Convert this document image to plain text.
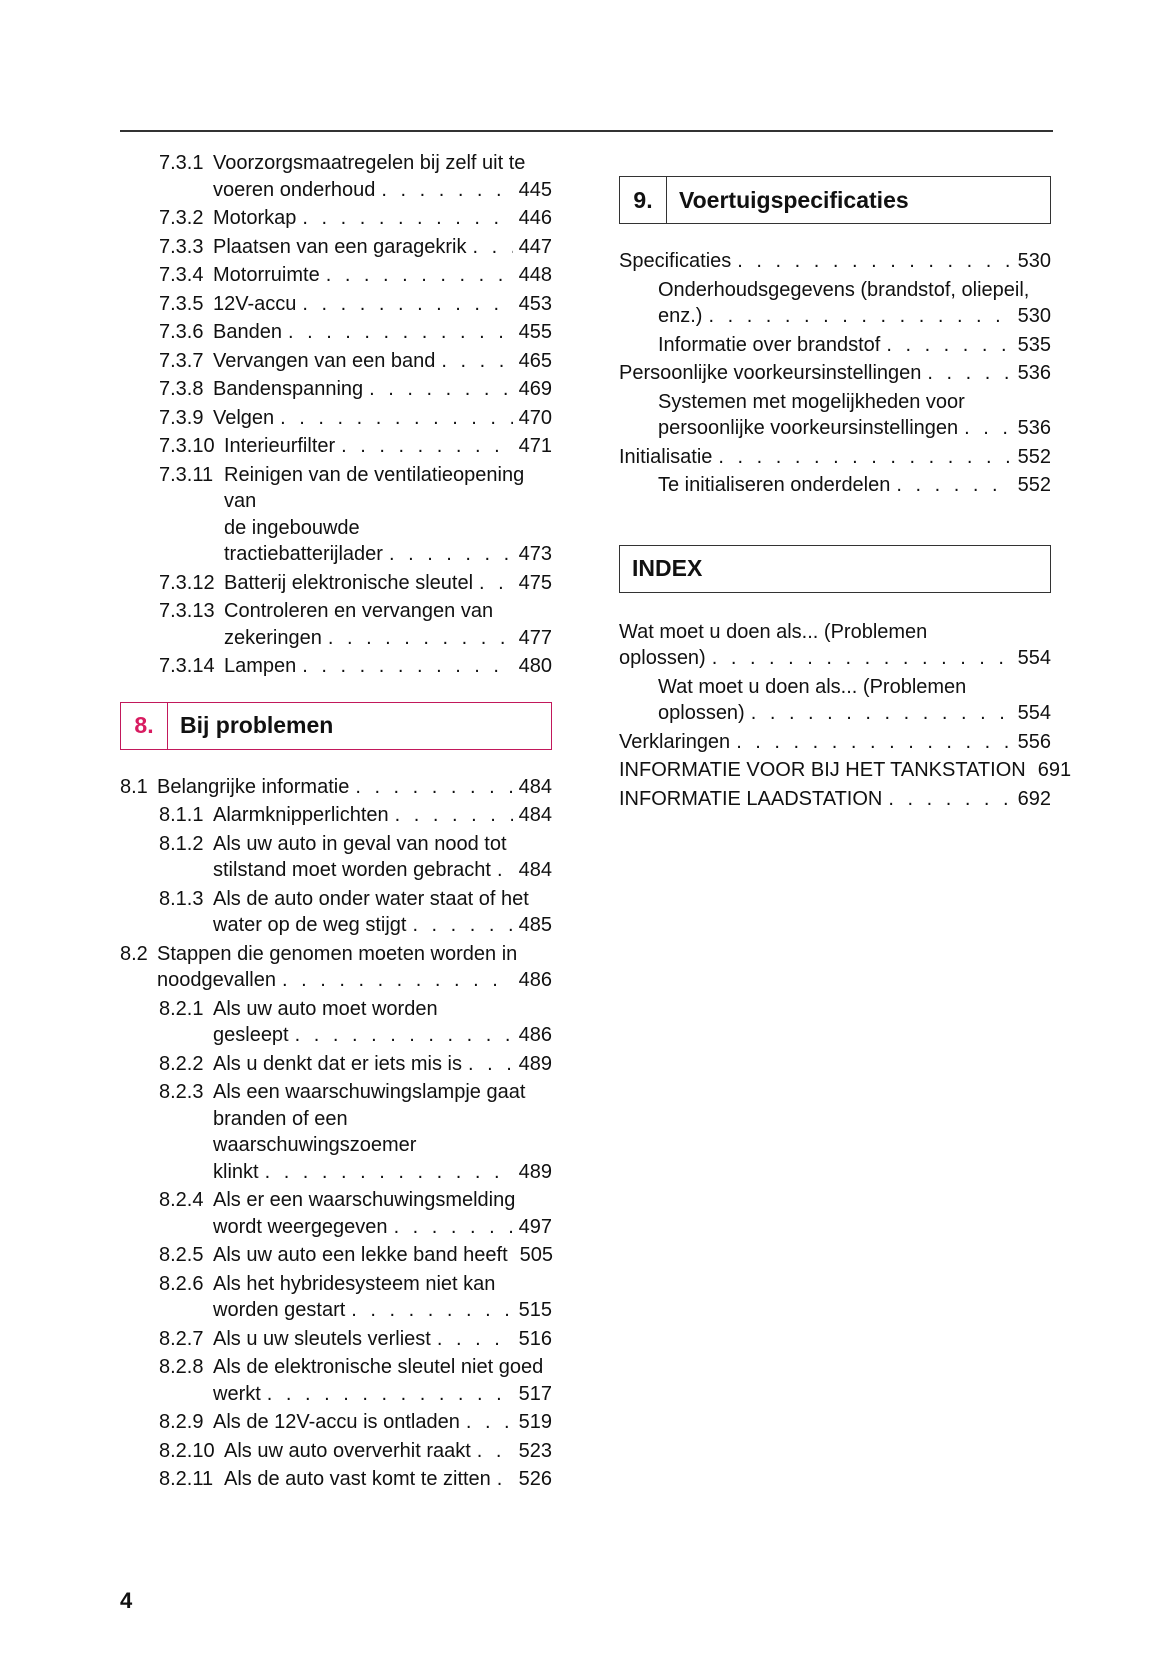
7.3.1 Voorzorgsmaatregelen bij zelf uit te
voeren onderhoud . . .	445
7.3.2 Motorkap . . .	446
7.3.3 Plaatsen van een garagekrik . . .	447
7.3.4 Motorruimte . . .	448
7.3.5 12V-accu . . .	453
7.3.6 Banden . . .	455
7.3.7 Vervangen van een band . . .	465
7.3.8 Bandenspanning . . .	469
7.3.9 Velgen . . .	470
7.3.10 Interieurfilter . . .	471
7.3.11 Reinigen van de ventilatieopening van
de ingebouwde
tractiebatterijlader . . .	473
7.3.12 Batterij elektronische sleutel . . . 475
7.3.13 Controleren en vervangen van
zekeringen . . .	477
7.3.14 Lampen . . .	480
8.	Bij problemen
8.1 Belangrijke informatie . . .	484
8.1.1 Alarmknipperlichten . . .	484
8.1.2 Als uw auto in geval van nood tot
stilstand moet worden gebracht . . . 484
8.1.3 Als de auto onder water staat of het
water op de weg stijgt . . .	485
8.2 Stappen die genomen moeten worden in
noodgevallen . . .	486
8.2.1 Als uw auto moet worden
gesleept . . .	486
8.2.2 Als u denkt dat er iets mis is . . .	489
8.2.3 Als een waarschuwingslampje gaat
branden of een waarschuwingszoemer
klinkt . . .	489
8.2.4 Als er een waarschuwingsmelding
wordt weergegeven . . .	497
8.2.5 Als uw auto een lekke band heeft 505
8.2.6 Als het hybridesysteem niet kan
worden gestart . . .	515
8.2.7 Als u uw sleutels verliest . . .	516
8.2.8 Als de elektronische sleutel niet goed
werkt . . .	517
8.2.9 Als de 12V-accu is ontladen . . .	519
8.2.10 Als uw auto oververhit raakt . . . 523
8.2.11 Als de auto vast komt te zitten . . . 526
9.	Voertuigspecificaties
Specificaties . . .	530
Onderhoudsgegevens (brandstof, oliepeil,
enz.) . . .	530
Informatie over brandstof . . .	535
Persoonlijke voorkeursinstellingen . . .	536
Systemen met mogelijkheden voor
persoonlijke voorkeursinstellingen . . .	536
Initialisatie . . .	552
Te initialiseren onderdelen . . .	552
INDEX
Wat moet u doen als... (Problemen
oplossen) . . .	554
Wat moet u doen als... (Problemen
oplossen) . . .	554
Verklaringen . . .	556
INFORMATIE VOOR BIJ HET TANKSTATION 691
INFORMATIE LAADSTATION . . .	692
4
